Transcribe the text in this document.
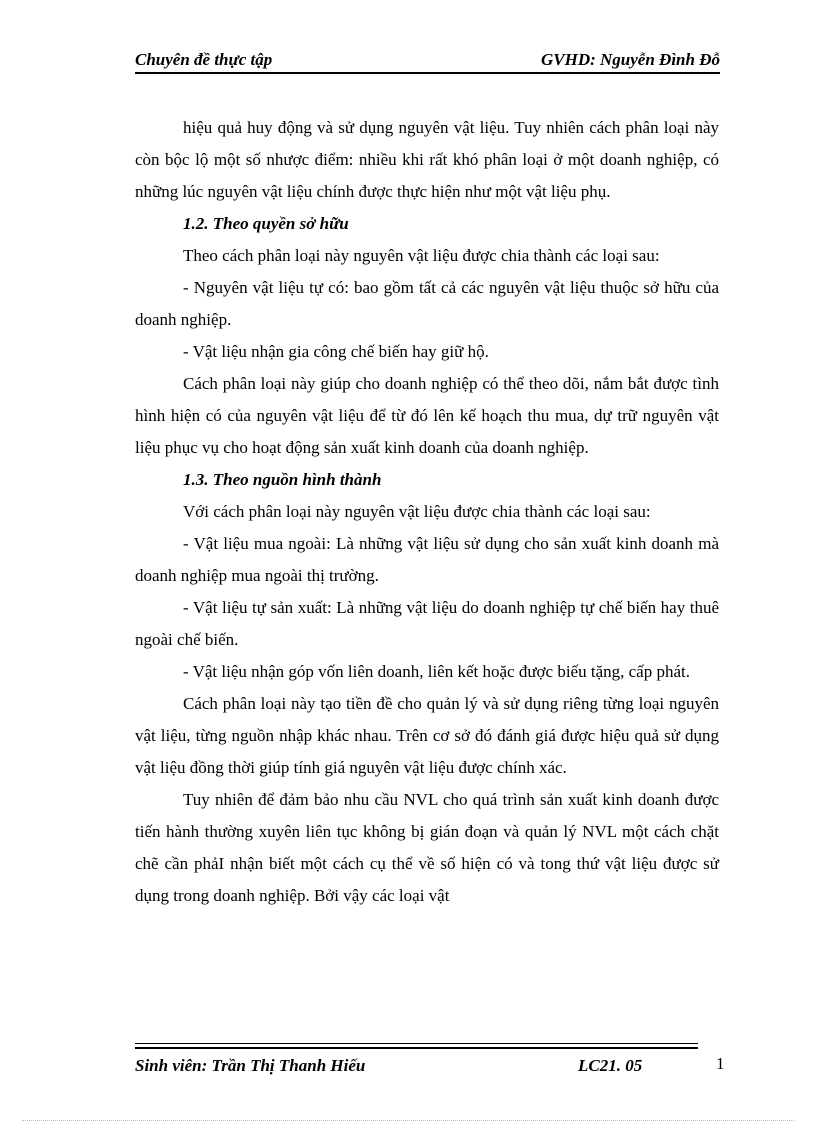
Chuyên đề thực tập	GVHD: Nguyễn Đình Đỗ

hiệu quả huy động và sử dụng nguyên vật liệu. Tuy nhiên cách phân loại này còn bộc lộ một số nhược điểm: nhiều khi rất khó phân loại ở một doanh nghiệp, có những lúc nguyên vật liệu chính được thực hiện như một vật liệu phụ.

1.2. Theo quyền sở hữu

Theo cách phân loại này nguyên vật liệu được chia thành các loại sau:

- Nguyên vật liệu tự có: bao gồm tất cả các nguyên vật liệu thuộc sở hữu của doanh nghiệp.

- Vật liệu nhận gia công chế biến hay giữ hộ.

Cách phân loại này giúp cho doanh nghiệp có thể theo dõi, nắm bắt được tình hình hiện có của nguyên vật liệu để từ đó lên kế hoạch thu mua, dự trữ nguyên vật liệu phục vụ cho hoạt động sản xuất kinh doanh của doanh nghiệp.

1.3. Theo nguồn hình thành

Với cách phân loại này nguyên vật liệu được chia thành các loại sau:

- Vật liệu mua ngoài: Là những vật liệu sử dụng cho sản xuất kinh doanh mà doanh nghiệp mua ngoài thị trường.

- Vật liệu tự sản xuất: Là những vật liệu do doanh nghiệp tự chế biến hay thuê ngoài chế biến.

- Vật liệu nhận góp vốn liên doanh, liên kết hoặc được biếu tặng, cấp phát.

Cách phân loại này tạo tiền đề cho quản lý và sử dụng riêng từng loại nguyên vật liệu, từng nguồn nhập khác nhau. Trên cơ sở đó đánh giá được hiệu quả sử dụng vật liệu đồng thời giúp tính giá nguyên vật liệu được chính xác.

Tuy nhiên để đảm bảo nhu cầu NVL cho quá trình sản xuất kinh doanh được tiến hành thường xuyên liên tục không bị gián đoạn và quản lý NVL một cách chặt chẽ cần phảI nhận biết một cách cụ thể về số hiện có và tong thứ vật liệu được sử dụng trong doanh nghiệp. Bởi vậy các loại vật

Sinh viên: Trần Thị Thanh Hiếu	LC21. 05	1
